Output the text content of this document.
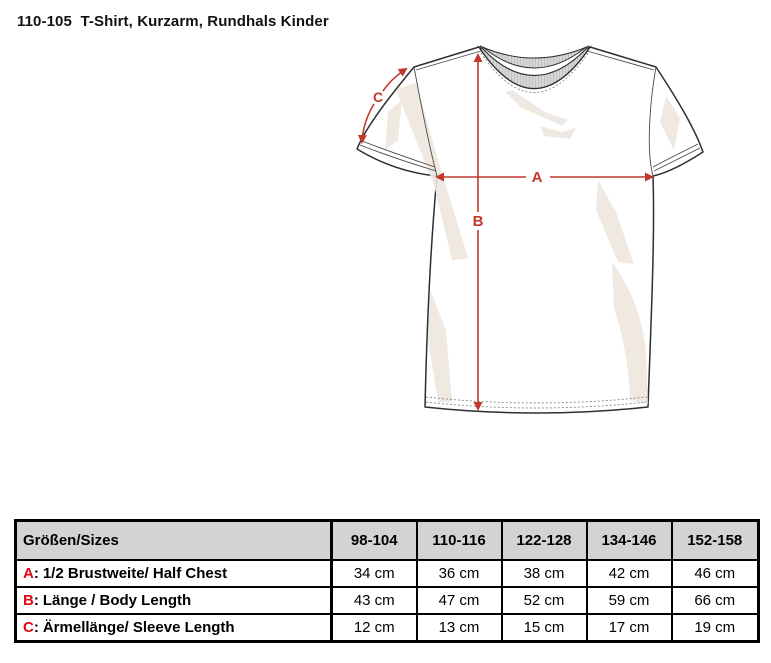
110-105  T-Shirt, Kurzarm, Rundhals Kinder
A
B
C
Größen/Sizes	98-104	110-116	122-128	134-146	152-158
A: 1/2 Brustweite/ Half Chest	34 cm	36 cm	38 cm	42 cm	46 cm
B: Länge / Body Length	43 cm	47 cm	52 cm	59 cm	66 cm
C: Ärmellänge/ Sleeve Length	12 cm	13 cm	15 cm	17 cm	19 cm
